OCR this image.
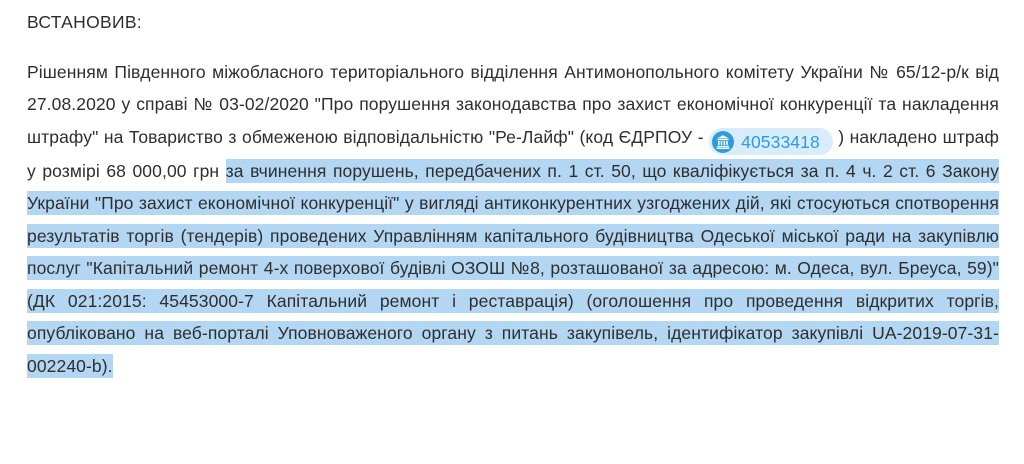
ВСТАНОВИВ:

Рішенням Південного міжобласного територіального відділення Антимонопольного комітету України № 65/12-р/к від 27.08.2020 у справі № 03-02/2020 "Про порушення законодавства про захист економічної конкуренції та накладення штрафу" на Товариство з обмеженою відповідальністю "Ре-Лайф" (код ЄДРПОУ - 40533418 ) накладено штраф у розмірі 68 000,00 грн за вчинення порушень, передбачених п. 1 ст. 50, що кваліфікується за п. 4 ч. 2 ст. 6 Закону України "Про захист економічної конкуренції" у вигляді антиконкурентних узгоджених дій, які стосуються спотворення результатів торгів (тендерів) проведених Управлінням капітального будівництва Одеської міської ради на закупівлю послуг "Капітальний ремонт 4-х поверхової будівлі ОЗОШ №8, розташованої за адресою: м. Одеса, вул. Бреуса, 59)" (ДК 021:2015: 45453000-7 Капітальний ремонт і реставрація) (оголошення про проведення відкритих торгів, опубліковано на веб-порталі Уповноваженого органу з питань закупівель, ідентифікатор закупівлі UA-2019-07-31-002240-b).
